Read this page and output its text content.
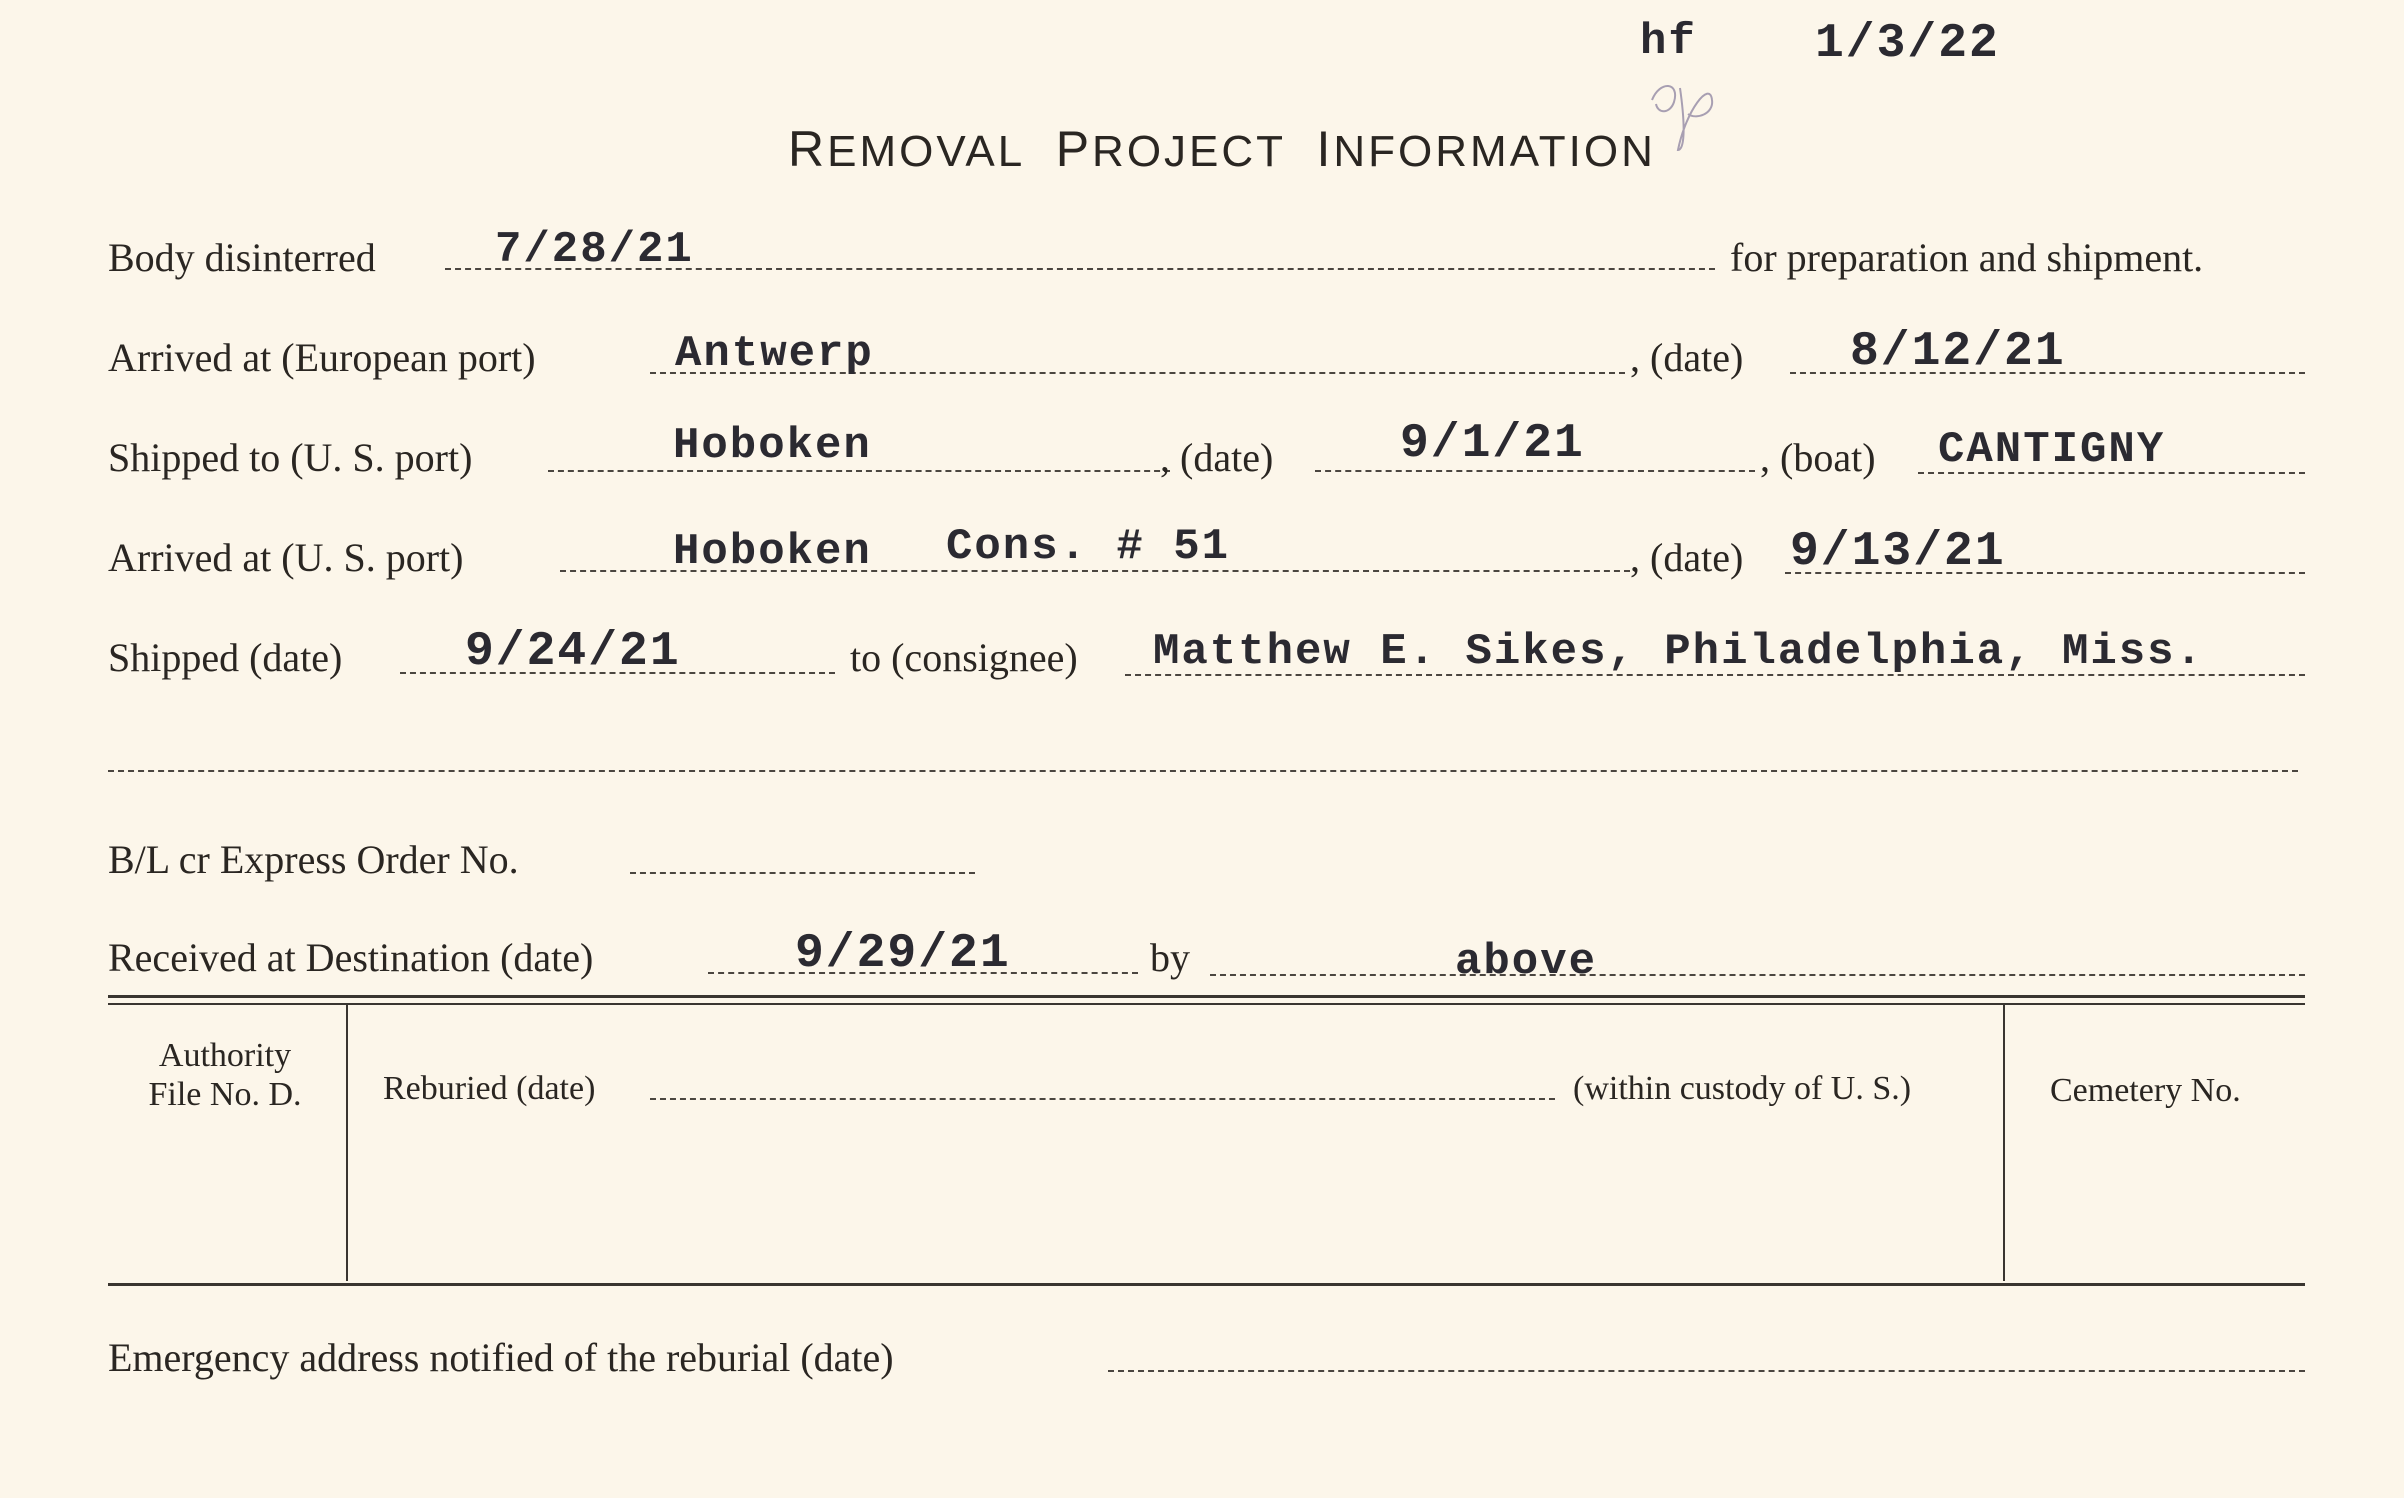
hf 1/3/22
REMOVAL PROJECT INFORMATION
Body disinterred	7/28/21	for preparation and shipment.
Arrived at (European port)	Antwerp	, (date) 8/12/21
Shipped to (U. S. port)	Hoboken	, (date)	9/1/21	, (boat) CANTIGNY
Arrived at (U. S. port)	Hoboken Cons. # 51	, (date) 9/13/21
Shipped (date)	9/24/21	to (consignee) Matthew E. Sikes, Philadelphia, Miss.
B/L cr Express Order No.
Received at Destination (date)	9/29/21	by	above
Authority
File No. D.	Reburied (date)	(within custody of U. S.)	Cemetery No.
Emergency address notified of the reburial (date)
